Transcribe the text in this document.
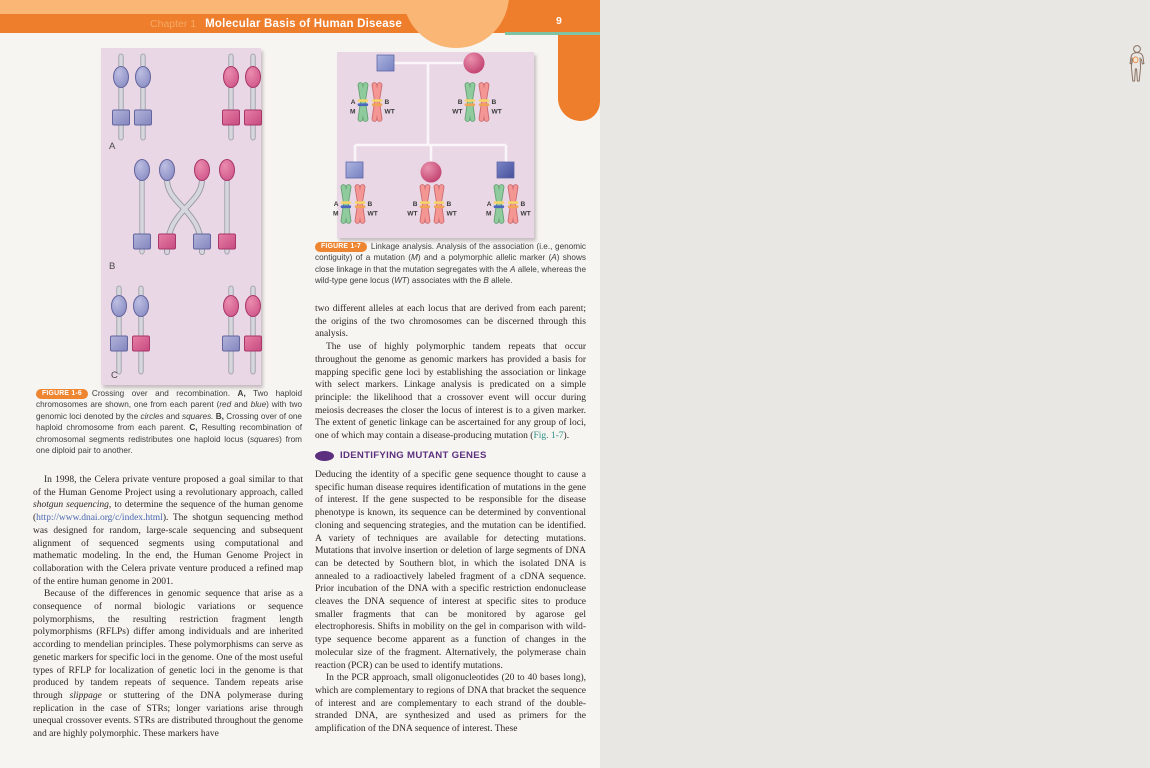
Chapter 1 Molecular Basis of Human Disease	9
A
B
C
A
M
B
WT
B
WT
B
WT
A
M
B
WT
B
WT
B
WT
A
M
B
WT
FIGURE 1-6 Crossing over and recombination. A, Two haploid chromosomes are shown, one from each parent (red and blue) with two genomic loci denoted by the circles and squares. B, Crossing over of one haploid chromosome from each parent. C, Resulting recombination of chromosomal segments redistributes one haploid locus (squares) from one diploid pair to another.
FIGURE 1-7 Linkage analysis. Analysis of the association (i.e., genomic contiguity) of a mutation (M) and a polymorphic allelic marker (A) shows close linkage in that the mutation segregates with the A allele, whereas the wild-type gene locus (WT) associates with the B allele.

In 1998, the Celera private venture proposed a goal similar to that of the Human Genome Project using a revolutionary approach, called shotgun sequencing, to determine the sequence of the human genome (http://www.dnai.org/c/index.html). The shotgun sequencing method was designed for random, large-scale sequencing and subsequent alignment of sequenced segments using computational and mathematic modeling. In the end, the Human Genome Project in collaboration with the Celera private venture produced a refined map of the entire human genome in 2001.

Because of the differences in genomic sequence that arise as a consequence of normal biologic variations or sequence polymorphisms, the resulting restriction fragment length polymorphisms (RFLPs) differ among individuals and are inherited according to mendelian principles. These polymorphisms can serve as genetic markers for specific loci in the genome. One of the most useful types of RFLP for localization of genetic loci in the genome is that produced by tandem repeats of sequence. Tandem repeats arise through slippage or stuttering of the DNA polymerase during replication in the case of STRs; longer variations arise through unequal crossover events. STRs are distributed throughout the genome and are highly polymorphic. These markers have

two different alleles at each locus that are derived from each parent; the origins of the two chromosomes can be discerned through this analysis.

The use of highly polymorphic tandem repeats that occur throughout the genome as genomic markers has provided a basis for mapping specific gene loci by establishing the association or linkage with select markers. Linkage analysis is predicated on a simple principle: the likelihood that a crossover event will occur during meiosis decreases the closer the locus of interest is to a given marker. The extent of genetic linkage can be ascertained for any group of loci, one of which may contain a disease-producing mutation (Fig. 1-7).

IDENTIFYING MUTANT GENES

Deducing the identity of a specific gene sequence thought to cause a specific human disease requires identification of mutations in the gene of interest. If the gene suspected to be responsible for the disease phenotype is known, its sequence can be determined by conventional cloning and sequencing strategies, and the mutation can be identified. A variety of techniques are available for detecting mutations. Mutations that involve insertion or deletion of large segments of DNA can be detected by Southern blot, in which the isolated DNA is annealed to a radioactively labeled fragment of a cDNA sequence. Prior incubation of the DNA with a specific restriction endonuclease cleaves the DNA sequence of interest at specific sites to produce smaller fragments that can be monitored by agarose gel electrophoresis. Shifts in mobility on the gel in comparison with wild-type sequence become apparent as a function of changes in the molecular size of the fragment. Alternatively, the polymerase chain reaction (PCR) can be used to identify mutations.

In the PCR approach, small oligonucleotides (20 to 40 bases long), which are complementary to regions of DNA that bracket the sequence of interest and are complementary to each strand of the double-stranded DNA, are synthesized and used as primers for the amplification of the DNA sequence of interest. These
